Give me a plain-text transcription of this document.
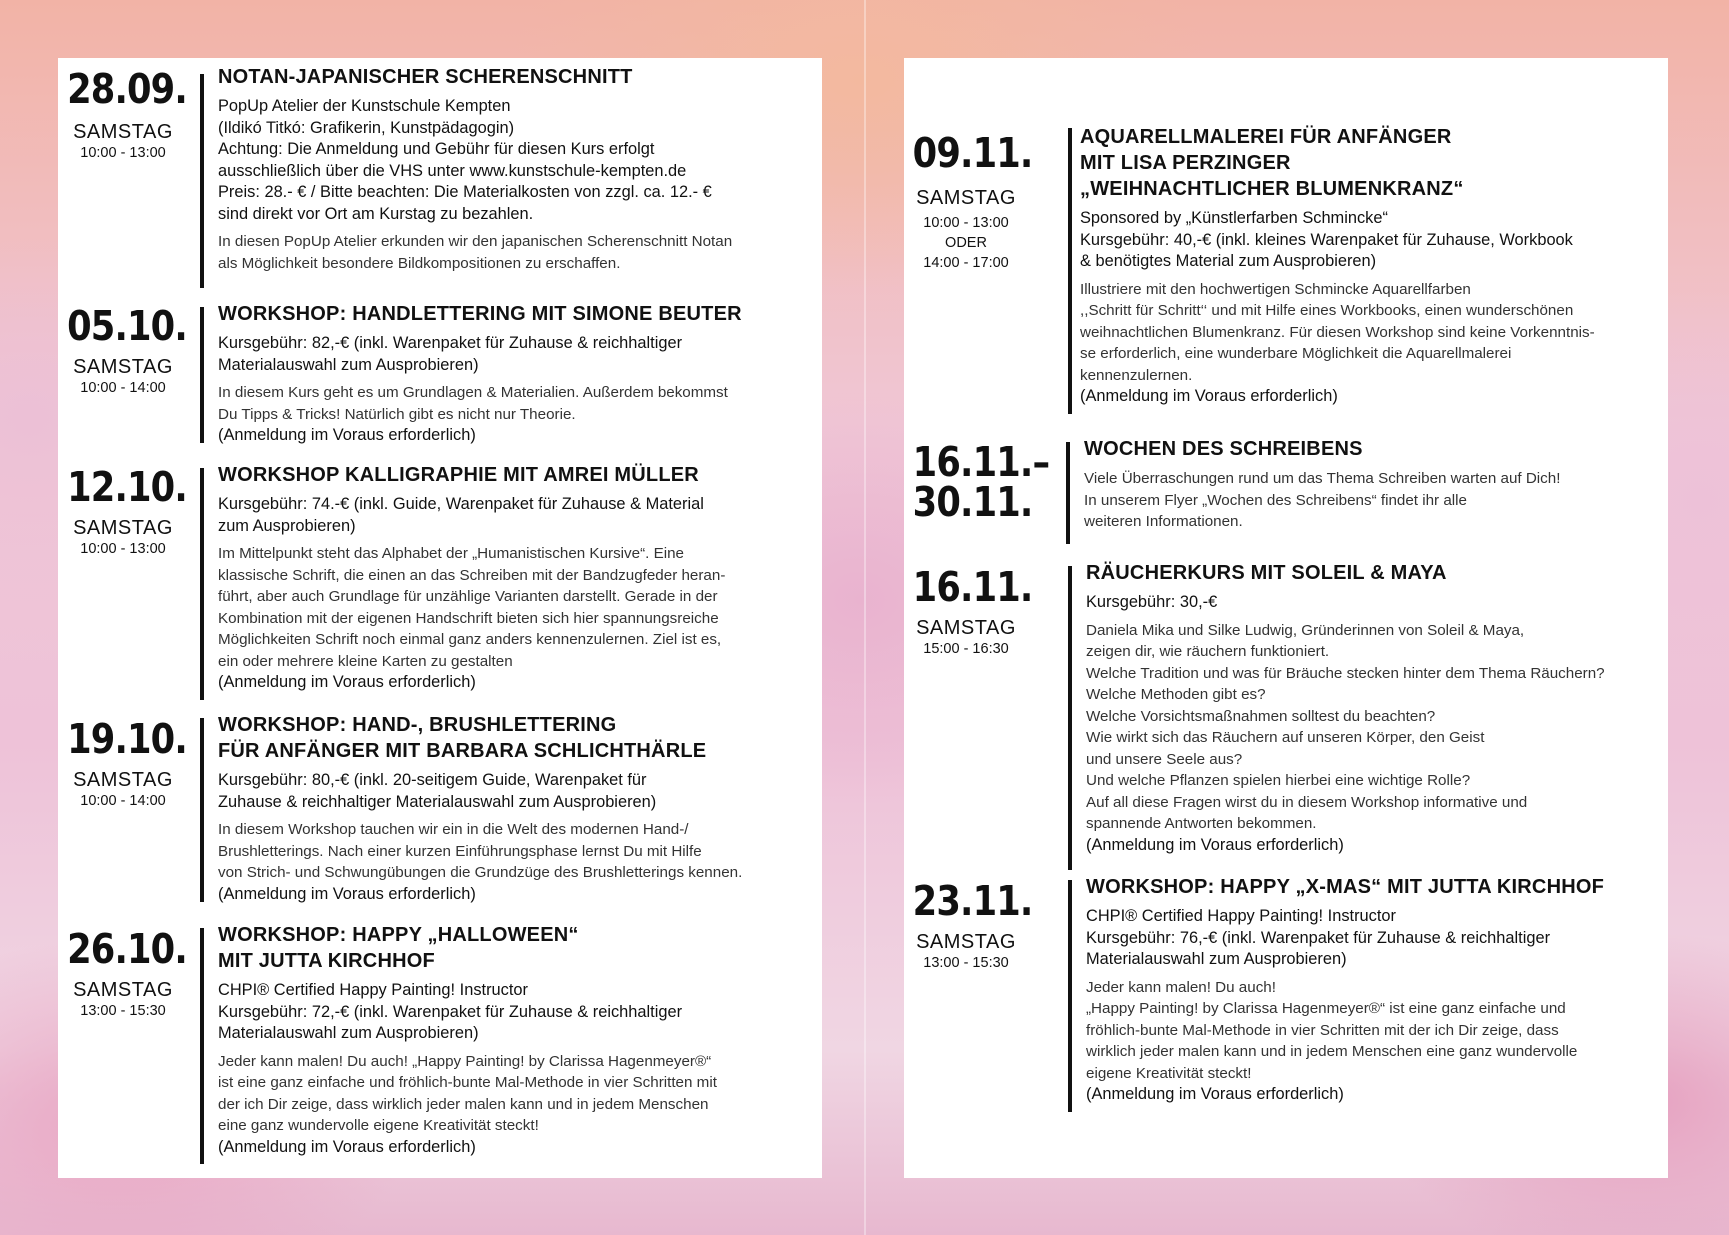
28.09.
SAMSTAG
10:00 - 13:00
NOTAN-JAPANISCHER SCHERENSCHNITT
PopUp Atelier der Kunstschule Kempten
(Ildikó Titkó: Grafikerin, Kunstpädagogin)
Achtung: Die Anmeldung und Gebühr für diesen Kurs erfolgt
ausschließlich über die VHS unter www.kunstschule-kempten.de
Preis: 28.- € / Bitte beachten: Die Materialkosten von zzgl. ca. 12.- €
sind direkt vor Ort am Kurstag zu bezahlen.
In diesen PopUp Atelier erkunden wir den japanischen Scherenschnitt Notan
als Möglichkeit besondere Bildkompositionen zu erschaffen.
05.10.
SAMSTAG
10:00 - 14:00
WORKSHOP: HANDLETTERING MIT SIMONE BEUTER
Kursgebühr: 82,-€ (inkl. Warenpaket für Zuhause & reichhaltiger
Materialauswahl zum Ausprobieren)
In diesem Kurs geht es um Grundlagen & Materialien. Außerdem bekommst
Du Tipps & Tricks! Natürlich gibt es nicht nur Theorie.
(Anmeldung im Voraus erforderlich)
12.10.
SAMSTAG
10:00 - 13:00
WORKSHOP KALLIGRAPHIE MIT AMREI MÜLLER
Kursgebühr: 74.-€ (inkl. Guide, Warenpaket für Zuhause & Material
zum Ausprobieren)
Im Mittelpunkt steht das Alphabet der „Humanistischen Kursive“. Eine
klassische Schrift, die einen an das Schreiben mit der Bandzugfeder heran-
führt, aber auch Grundlage für unzählige Varianten darstellt. Gerade in der
Kombination mit der eigenen Handschrift bieten sich hier spannungsreiche
Möglichkeiten Schrift noch einmal ganz anders kennenzulernen. Ziel ist es,
ein oder mehrere kleine Karten zu gestalten
(Anmeldung im Voraus erforderlich)
19.10.
SAMSTAG
10:00 - 14:00
WORKSHOP: HAND-, BRUSHLETTERING
FÜR ANFÄNGER MIT BARBARA SCHLICHTHÄRLE
Kursgebühr: 80,-€ (inkl. 20-seitigem Guide, Warenpaket für
Zuhause & reichhaltiger Materialauswahl zum Ausprobieren)
In diesem Workshop tauchen wir ein in die Welt des modernen Hand-/
Brushletterings. Nach einer kurzen Einführungsphase lernst Du mit Hilfe
von Strich- und Schwungübungen die Grundzüge des Brushletterings kennen.
(Anmeldung im Voraus erforderlich)
26.10.
SAMSTAG
13:00 - 15:30
WORKSHOP: HAPPY „HALLOWEEN“
MIT JUTTA KIRCHHOF
CHPI® Certified Happy Painting! Instructor
Kursgebühr: 72,-€ (inkl. Warenpaket für Zuhause & reichhaltiger
Materialauswahl zum Ausprobieren)
Jeder kann malen! Du auch! „Happy Painting! by Clarissa Hagenmeyer®“
ist eine ganz einfache und fröhlich-bunte Mal-Methode in vier Schritten mit
der ich Dir zeige, dass wirklich jeder malen kann und in jedem Menschen
eine ganz wundervolle eigene Kreativität steckt!
(Anmeldung im Voraus erforderlich)
09.11.
SAMSTAG
10:00 - 13:00
ODER
14:00 - 17:00
AQUARELLMALEREI FÜR ANFÄNGER
MIT LISA PERZINGER
„WEIHNACHTLICHER BLUMENKRANZ“
Sponsored by „Künstlerfarben Schmincke“
Kursgebühr: 40,-€ (inkl. kleines Warenpaket für Zuhause, Workbook
& benötigtes Material zum Ausprobieren)
Illustriere mit den hochwertigen Schmincke Aquarellfarben
,,Schritt für Schritt‘‘ und mit Hilfe eines Workbooks, einen wunderschönen
weihnachtlichen Blumenkranz. Für diesen Workshop sind keine Vorkenntnis-
se erforderlich, eine wunderbare Möglichkeit die Aquarellmalerei
kennenzulernen.
(Anmeldung im Voraus erforderlich)
16.11.–
30.11.
WOCHEN DES SCHREIBENS
Viele Überraschungen rund um das Thema Schreiben warten auf Dich!
In unserem Flyer „Wochen des Schreibens“ findet ihr alle
weiteren Informationen.
16.11.
SAMSTAG
15:00 - 16:30
RÄUCHERKURS MIT SOLEIL & MAYA
Kursgebühr: 30,-€
Daniela Mika und Silke Ludwig, Gründerinnen von Soleil & Maya,
zeigen dir, wie räuchern funktioniert.
Welche Tradition und was für Bräuche stecken hinter dem Thema Räuchern?
Welche Methoden gibt es?
Welche Vorsichtsmaßnahmen solltest du beachten?
Wie wirkt sich das Räuchern auf unseren Körper, den Geist
und unsere Seele aus?
Und welche Pflanzen spielen hierbei eine wichtige Rolle?
Auf all diese Fragen wirst du in diesem Workshop informative und
spannende Antworten bekommen.
(Anmeldung im Voraus erforderlich)
23.11.
SAMSTAG
13:00 - 15:30
WORKSHOP: HAPPY „X-MAS“ MIT JUTTA KIRCHHOF
CHPI® Certified Happy Painting! Instructor
Kursgebühr: 76,-€ (inkl. Warenpaket für Zuhause & reichhaltiger
Materialauswahl zum Ausprobieren)
Jeder kann malen! Du auch!
„Happy Painting! by Clarissa Hagenmeyer®“ ist eine ganz einfache und
fröhlich-bunte Mal-Methode in vier Schritten mit der ich Dir zeige, dass
wirklich jeder malen kann und in jedem Menschen eine ganz wundervolle
eigene Kreativität steckt!
(Anmeldung im Voraus erforderlich)
